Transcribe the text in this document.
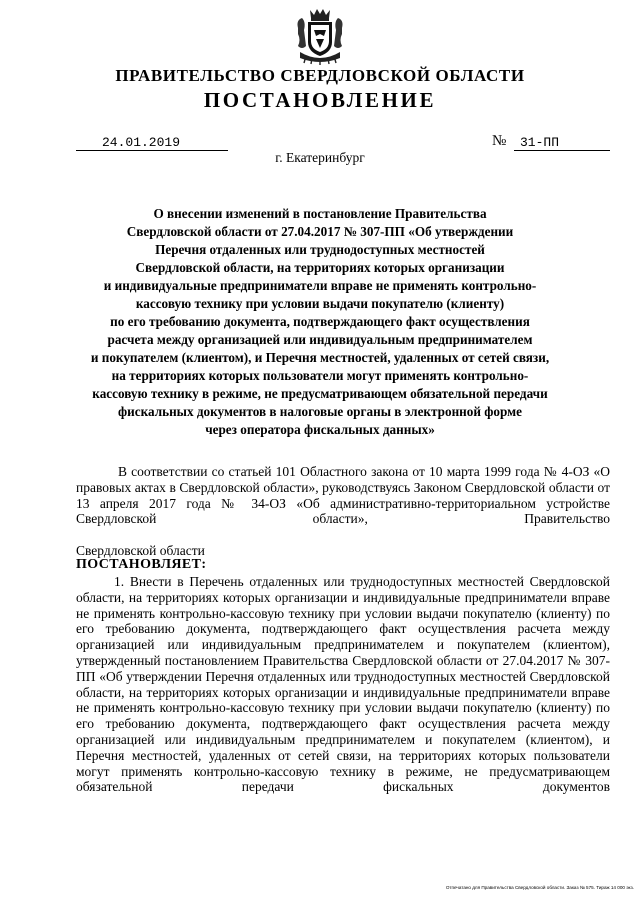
ПРАВИТЕЛЬСТВО СВЕРДЛОВСКОЙ ОБЛАСТИ
ПОСТАНОВЛЕНИЕ
24.01.2019	№	31-ПП
г. Екатеринбург
О внесении изменений в постановление Правительства
Свердловской области от 27.04.2017 № 307-ПП «Об утверждении
Перечня отдаленных или труднодоступных местностей
Свердловской области, на территориях которых организации
и индивидуальные предприниматели вправе не применять контрольно-
кассовую технику при условии выдачи покупателю (клиенту)
по его требованию документа, подтверждающего факт осуществления
расчета между организацией или индивидуальным предпринимателем
и покупателем (клиентом), и Перечня местностей, удаленных от сетей связи,
на территориях которых пользователи могут применять контрольно-
кассовую технику в режиме, не предусматривающем обязательной передачи
фискальных документов в налоговые органы в электронной форме
через оператора фискальных данных»

В соответствии со статьей 101 Областного закона от 10 марта 1999 года № 4-ОЗ «О правовых актах в Свердловской области», руководствуясь Законом Свердловской области от 13 апреля 2017 года № 34-ОЗ «Об административно-территориальном устройстве Свердловской области», Правительство

Свердловской области

ПОСТАНОВЛЯЕТ:

1. Внести в Перечень отдаленных или труднодоступных местностей Свердловской области, на территориях которых организации и индивидуальные предприниматели вправе не применять контрольно-кассовую технику при условии выдачи покупателю (клиенту) по его требованию документа, подтверждающего факт осуществления расчета между организацией или индивидуальным предпринимателем и покупателем (клиентом), утвержденный постановлением Правительства Свердловской области от 27.04.2017 № 307-ПП «Об утверждении Перечня отдаленных или труднодоступных местностей Свердловской области, на территориях которых организации и индивидуальные предприниматели вправе не применять контрольно-кассовую технику при условии выдачи покупателю (клиенту) по его требованию документа, подтверждающего факт осуществления расчета между организацией или индивидуальным предпринимателем и покупателем (клиентом), и Перечня местностей, удаленных от сетей связи, на территориях которых пользователи могут применять контрольно-кассовую технику в режиме, не предусматривающем обязательной передачи фискальных документов

Отпечатано для Правительства Свердловской области. Заказ № 575. Тираж 14 000 экз.
